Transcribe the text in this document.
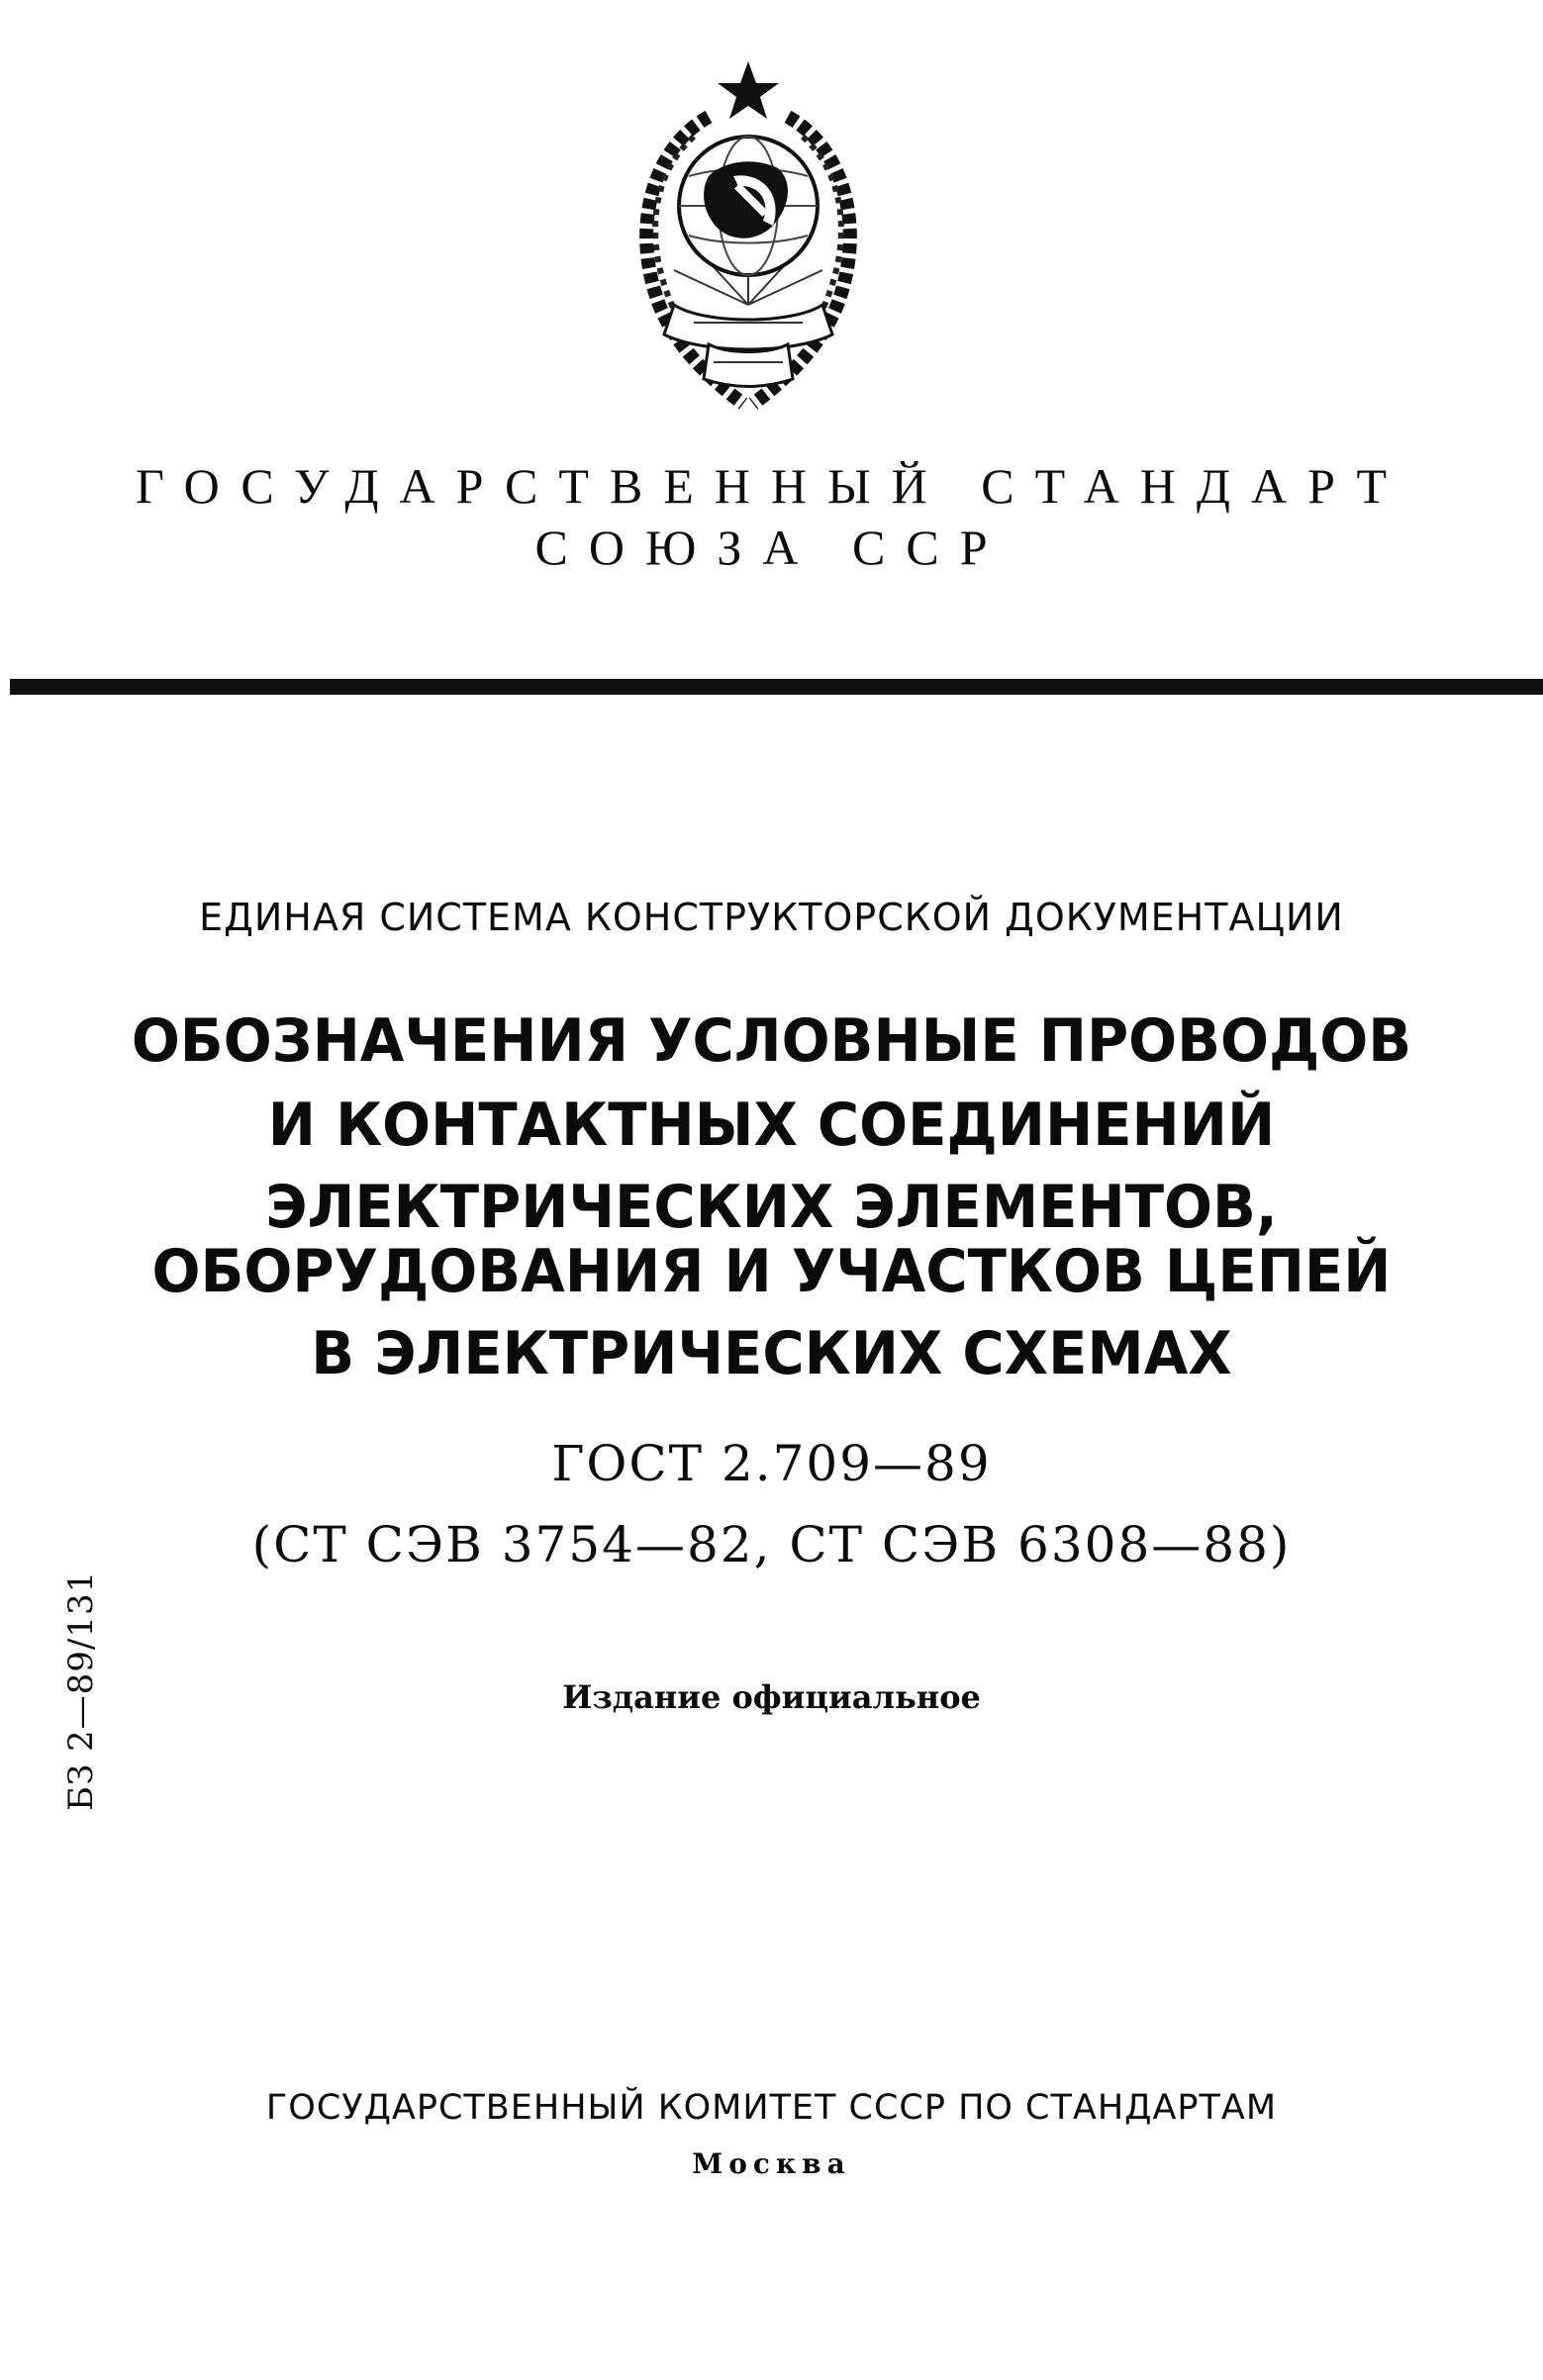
ГОСУДАРСТВЕННЫЙ СТАНДАРТ
СОЮЗА ССР
ЕДИНАЯ СИСТЕМА КОНСТРУКТОРСКОЙ ДОКУМЕНТАЦИИ
ОБОЗНАЧЕНИЯ УСЛОВНЫЕ ПРОВОДОВ
И КОНТАКТНЫХ СОЕДИНЕНИЙ
ЭЛЕКТРИЧЕСКИХ ЭЛЕМЕНТОВ,
ОБОРУДОВАНИЯ И УЧАСТКОВ ЦЕПЕЙ
В ЭЛЕКТРИЧЕСКИХ СХЕМАХ
ГОСТ 2.709—89
(СТ СЭВ 3754—82, СТ СЭВ 6308—88)
Издание официальное
БЗ 2—89/131
ГОСУДАРСТВЕННЫЙ КОМИТЕТ СССР ПО СТАНДАРТАМ
Москва
